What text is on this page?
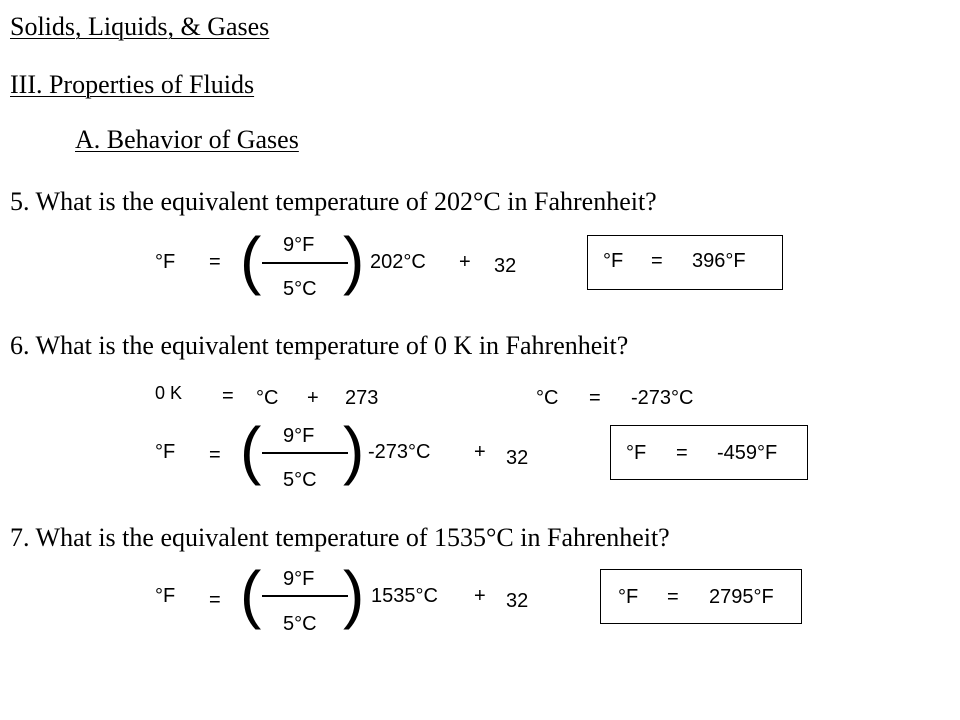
Solids, Liquids, & Gases
III. Properties of Fluids
A. Behavior of Gases
5. What is the equivalent temperature of 202°C in Fahrenheit?
°F = ( 9°F
5°C ) 202°C + 32	°F = 396°F
6. What is the equivalent temperature of 0 K in Fahrenheit?
0 K = °C + 273	°C = -273°C
°F = ( 9°F
5°C ) -273°C + 32	°F = -459°F
7. What is the equivalent temperature of 1535°C in Fahrenheit?
°F = ( 9°F
5°C ) 1535°C + 32	°F = 2795°F
